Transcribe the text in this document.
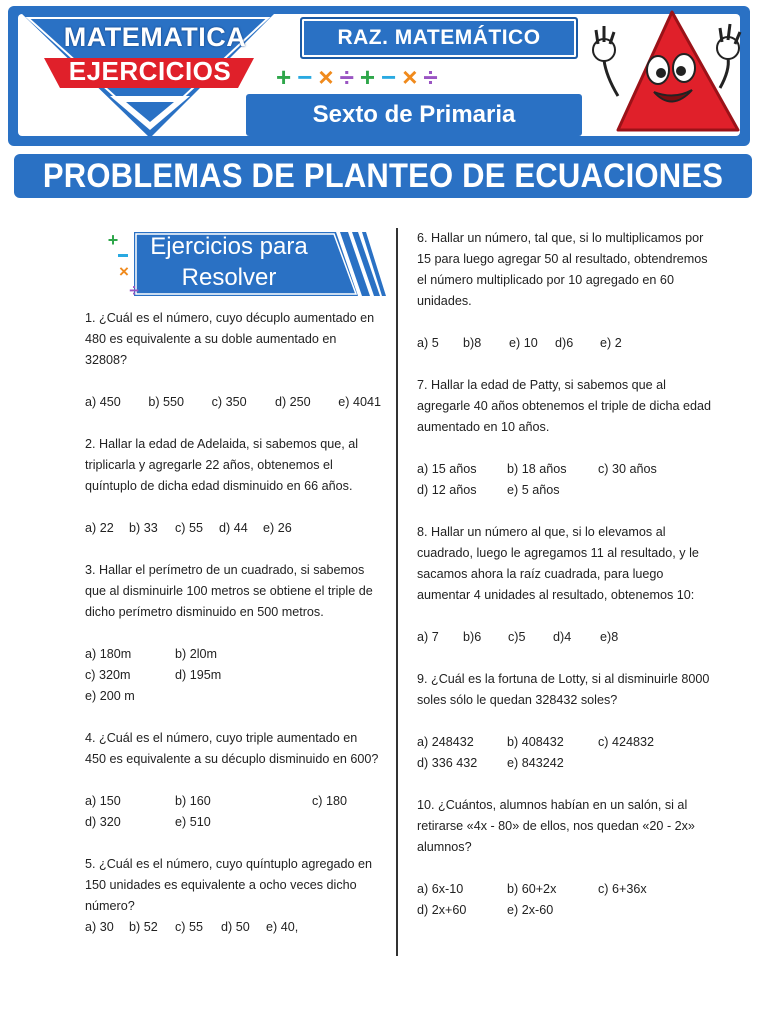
MATEMATICA
EJERCICIOS
RAZ. MATEMÁTICO
+−×÷+−×÷
Sexto de Primaria
PROBLEMAS DE PLANTEO DE ECUACIONES
+
×
÷
Ejercicios para
Resolver
1. ¿Cuál es el número, cuyo décuplo aumentado en 480 es equivalente a su doble aumentado en 32808?
a) 450	b) 550	c) 350	d) 250	e) 4041
2. Hallar la edad de Adelaida, si sabemos que, al triplicarla y agregarle 22 años, obtenemos el quíntuplo de dicha edad disminuido en 66 años.
a) 22	b) 33	c) 55	d) 44	e) 26
3. Hallar el perímetro de un cuadrado, si sabemos que al disminuirle 100 metros se obtiene el triple de dicho perímetro disminuido en 500 metros.
a) 180m	b) 2l0m
c) 320m	d) 195m
e) 200 m
4. ¿Cuál es el número, cuyo triple aumentado en 450 es equivalente a su décuplo disminuido en 600?
a) 150	b) 160	c) 180
d) 320	e) 510
5. ¿Cuál es el número, cuyo quíntuplo agregado en 150 unidades es equivalente a ocho veces dicho número?
a) 30	b) 52	c) 55	d) 50	e) 40,
6. Hallar un número, tal que, si lo multiplicamos por 15 para luego agregar 50 al resultado, obtendremos el número multiplicado por 10 agregado en 60 unidades.
a) 5	b)8	e) 10	d)6	e) 2
7. Hallar la edad de Patty, si sabemos que al agregarle 40 años obtenemos el triple de dicha edad aumentado en 10 años.
a) 15 años	b) 18 años	c) 30 años
d) 12 años	e) 5 años
8. Hallar un número al que, si lo elevamos al cuadrado, luego le agregamos 11 al resultado, y le sacamos ahora la raíz cuadrada, para luego aumentar 4 unidades al resultado, obtenemos 10:
a) 7	b)6	c)5	d)4	e)8
9. ¿Cuál es la fortuna de Lotty, si al disminuirle 8000 soles sólo le quedan 328432 soles?
a) 248432	b) 408432	c) 424832
d) 336 432	e) 843242
10. ¿Cuántos, alumnos habían en un salón, si al retirarse «4x - 80» de ellos, nos quedan «20 - 2x» alumnos?
a) 6x-10	b) 60+2x	c) 6+36x
d) 2x+60	e) 2x-60
